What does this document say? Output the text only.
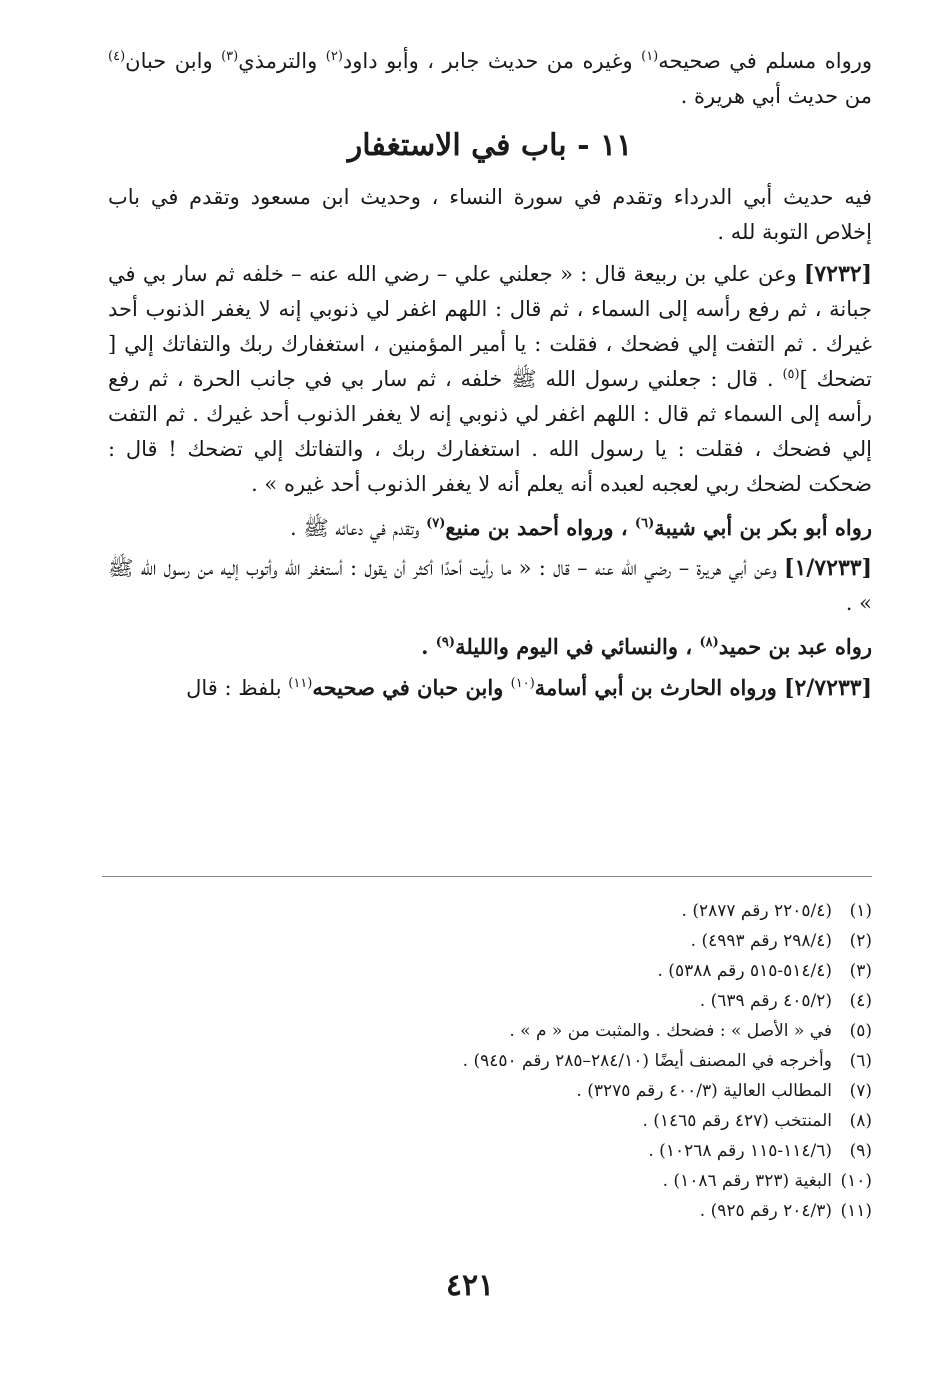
ورواه مسلم في صحيحه$^{(١)}$ وغيره من حديث جابر ، وأبو داود$^{(٢)}$ والترمذي$^{(٣)}$ وابن حبان$^{(٤)}$ من حديث أبي هريرة .

١١ - باب في الاستغفار

فيه حديث أبي الدرداء وتقدم في سورة النساء ، وحديث ابن مسعود وتقدم في باب إخلاص التوبة لله .

[٧٢٣٢] وعن علي بن ربيعة قال : « جعلني علي – رضي الله عنه – خلفه ثم سار بي في جبانة ، ثم رفع رأسه إلى السماء ، ثم قال : اللهم اغفر لي ذنوبي إنه لا يغفر الذنوب أحد غيرك . ثم التفت إلي فضحك ، فقلت : يا أمير المؤمنين ، استغفارك ربك والتفاتك إلي [ تضحك ]$^{(٥)}$ . قال : جعلني رسول الله ﷺ خلفه ، ثم سار بي في جانب الحرة ، ثم رفع رأسه إلى السماء ثم قال : اللهم اغفر لي ذنوبي إنه لا يغفر الذنوب أحد غيرك . ثم التفت إلي فضحك ، فقلت : يا رسول الله . استغفارك ربك ، والتفاتك إلي تضحك ! قال : ضحكت لضحك ربي لعجبه لعبده أنه يعلم أنه لا يغفر الذنوب أحد غيره » .

رواه أبو بكر بن أبي شيبة$^{(٦)}$ ، ورواه أحمد بن منيع$^{(٧)}$ وتقدم في دعائه ﷺ .

[١/٧٢٣٣] وعن أبي هريرة – رضي الله عنه – قال : « ما رأيت أحدًا أكثر أن يقول : أستغفر الله وأتوب إليه من رسول الله ﷺ » .

رواه عبد بن حميد$^{(٨)}$ ، والنسائي في اليوم والليلة$^{(٩)}$ .

[٢/٧٢٣٣] ورواه الحارث بن أبي أسامة$^{(١٠)}$ وابن حبان في صحيحه$^{(١١)}$ بلفظ : قال

(١)
(٢٢٠٥/٤ رقم ٢٨٧٧) .
(٢)
(٢٩٨/٤ رقم ٤٩٩٣) .
(٣)
(٥١٤/٤-٥١٥ رقم ٥٣٨٨) .
(٤)
(٤٠٥/٢ رقم ٦٣٩) .
(٥)
في « الأصل » : فضحك . والمثبت من « م » .
(٦)
وأخرجه في المصنف أيضًا (٢٨٤/١٠–٢٨٥ رقم ٩٤٥٠) .
(٧)
المطالب العالية (٤٠٠/٣ رقم ٣٢٧٥) .
(٨)
المنتخب (٤٢٧ رقم ١٤٦٥) .
(٩)
(١١٤/٦-١١٥ رقم ١٠٢٦٨) .
(١٠)
البغية (٣٢٣ رقم ١٠٨٦) .
(١١)
(٢٠٤/٣ رقم ٩٢٥) .
٤٢١
